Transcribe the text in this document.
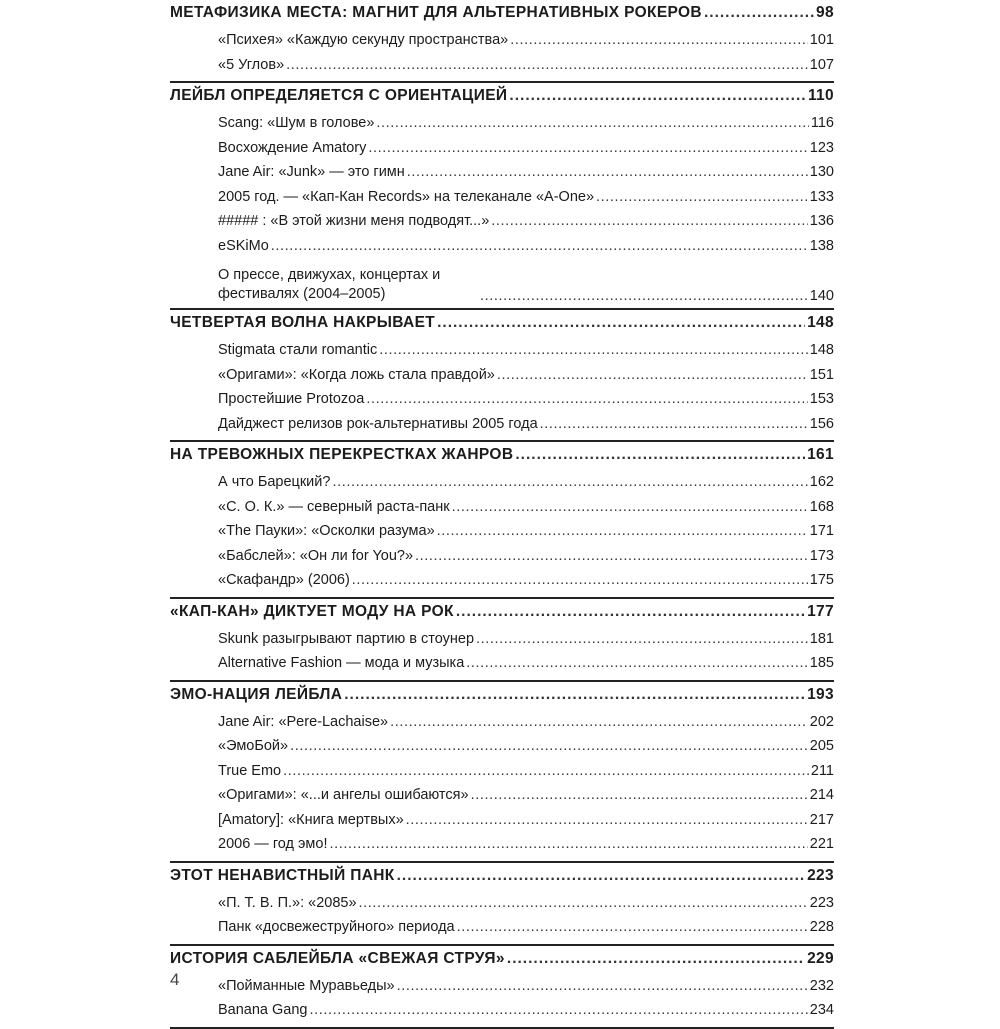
МЕТАФИЗИКА МЕСТА: МАГНИТ ДЛЯ АЛЬТЕРНАТИВНЫХ РОКЕРОВ .....	98
«Психея» «Каждую секунду пространства» .....	101
«5 Углов» .....	107
ЛЕЙБЛ ОПРЕДЕЛЯЕТСЯ С ОРИЕНТАЦИЕЙ .....	110
Scang: «Шум в голове» .....	116
Восхождение Amatory .....	123
Jane Air: «Junk» — это гимн .....	130
2005 год. — «Кап-Кан Records» на телеканале «A-One» .....	133
##### : «В этой жизни меня подводят...» .....	136
eSKiMo .....	138
О прессе, движухах, концертах и фестивалях (2004–2005) .....	140
ЧЕТВЕРТАЯ ВОЛНА НАКРЫВАЕТ .....	148
Stigmata стали romantic .....	148
«Оригами»: «Когда ложь стала правдой» .....	151
Простейшие Protozoa .....	153
Дайджест релизов рок-альтернативы 2005 года .....	156
НА ТРЕВОЖНЫХ ПЕРЕКРЕСТКАХ ЖАНРОВ .....	161
А что Барецкий? .....	162
«С. О. К.» — северный раста-панк .....	168
«The Пауки»: «Осколки разума» .....	171
«Бабслей»: «Он ли for You?» .....	173
«Скафандр» (2006) .....	175
«КАП-КАН» ДИКТУЕТ МОДУ НА РОК .....	177
Skunk разыгрывают партию в стоунер .....	181
Alternative Fashion — мода и музыка .....	185
ЭМО-НАЦИЯ ЛЕЙБЛА .....	193
Jane Air: «Pere-Lachaise» .....	202
«ЭмоБой» .....	205
True Emo .....	211
«Оригами»: «...и ангелы ошибаются» .....	214
[Amatory]: «Книга мертвых» .....	217
2006 — год эмо! .....	221
ЭТОТ НЕНАВИСТНЫЙ ПАНК .....	223
«П. Т. В. П.»: «2085» .....	223
Панк «досвежеструйного» периода .....	228
ИСТОРИЯ САБЛЕЙБЛА «СВЕЖАЯ СТРУЯ» .....	229
«Пойманные Муравьеды» .....	232
Banana Gang .....	234
4
